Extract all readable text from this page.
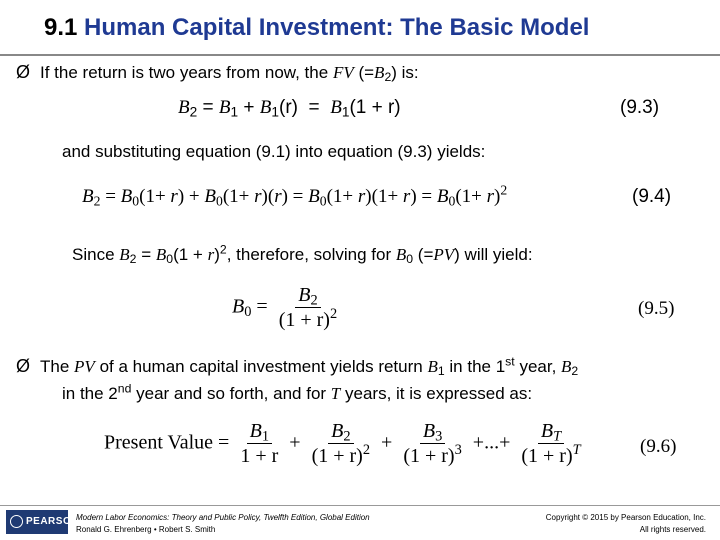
9.1 Human Capital Investment: The Basic Model
Ø If the return is two years from now, the FV $(=B_2)$ is:
$B_2 = B_1 + B_1(r) = B_1(1 + r)$	(9.3)
and substituting equation (9.1) into equation (9.3) yields:
$B_2 = B_0(1+ r) + B_0(1+ r)(r) = B_0(1+ r)(1+ r) = B_0(1+ r)^2$	(9.4)
Since $B_2 = B_0(1 + r)^2$, therefore, solving for $B_0$ (=PV) will yield:
$B_0 = \frac{B_2}{(1 + r)^2}$	(9.5)
Ø The PV of a human capital investment yields return $B_1$ in the 1st year, $B_2$
in the 2nd year and so forth, and for T years, it is expressed as:
Present Value = $\frac{B_1}{1 + r} + \frac{B_2}{(1 + r)^2} + \frac{B_3}{(1 + r)^3}$ +...+ $\frac{B_T}{(1 + r)^T}$	(9.6)
PEARSON
Modern Labor Economics: Theory and Public Policy, Twelfth Edition, Global Edition
Ronald G. Ehrenberg • Robert S. Smith
Copyright © 2015 by Pearson Education, Inc.
All rights reserved.
